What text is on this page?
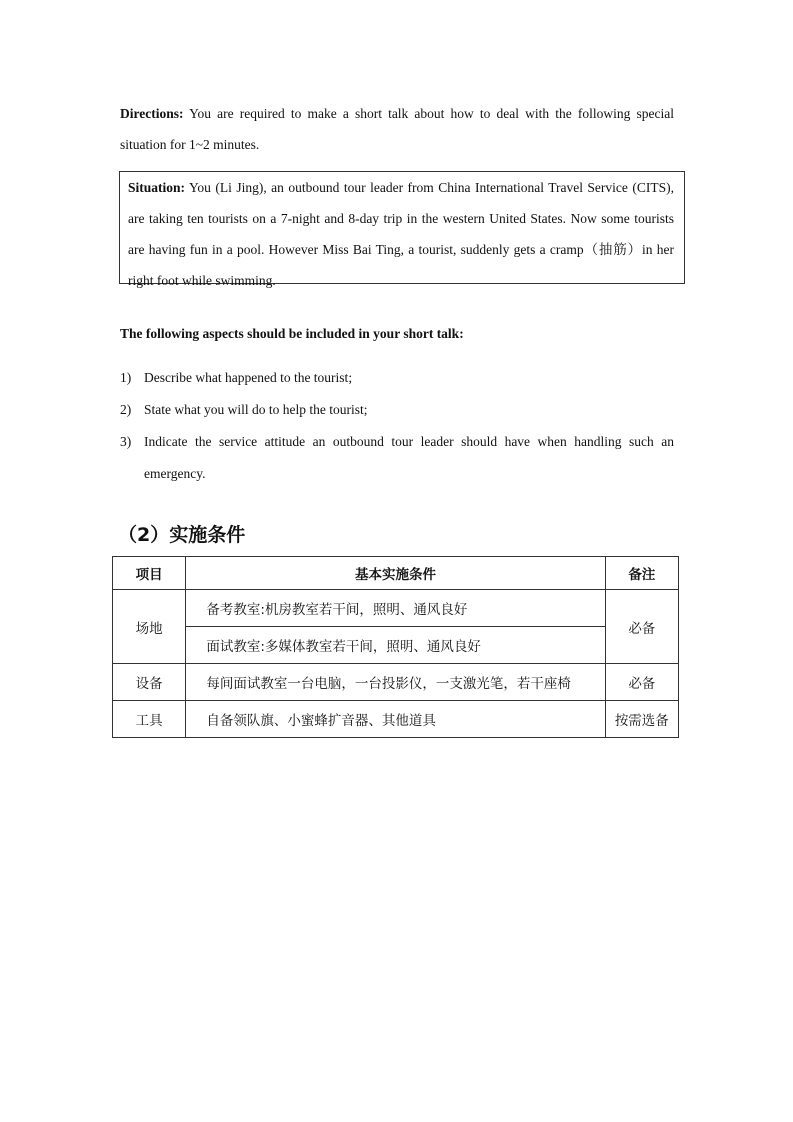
Directions: You are required to make a short talk about how to deal with the following special situation for 1~2 minutes.
Situation: You (Li Jing), an outbound tour leader from China International Travel Service (CITS), are taking ten tourists on a 7-night and 8-day trip in the western United States. Now some tourists are having fun in a pool. However Miss Bai Ting, a tourist, suddenly gets a cramp（抽筋）in her right foot while swimming.
The following aspects should be included in your short talk:
1) Describe what happened to the tourist;
2) State what you will do to help the tourist;
3) Indicate the service attitude an outbound tour leader should have when handling such an emergency.
（2）实施条件
项目	基本实施条件	备注
场地	备考教室:机房教室若干间，照明、通风良好	必备
	面试教室:多媒体教室若干间，照明、通风良好	
设备	每间面试教室一台电脑，一台投影仪，一支激光笔，若干座椅	必备
工具	自备领队旗、小蜜蜂扩音器、其他道具	按需选备
